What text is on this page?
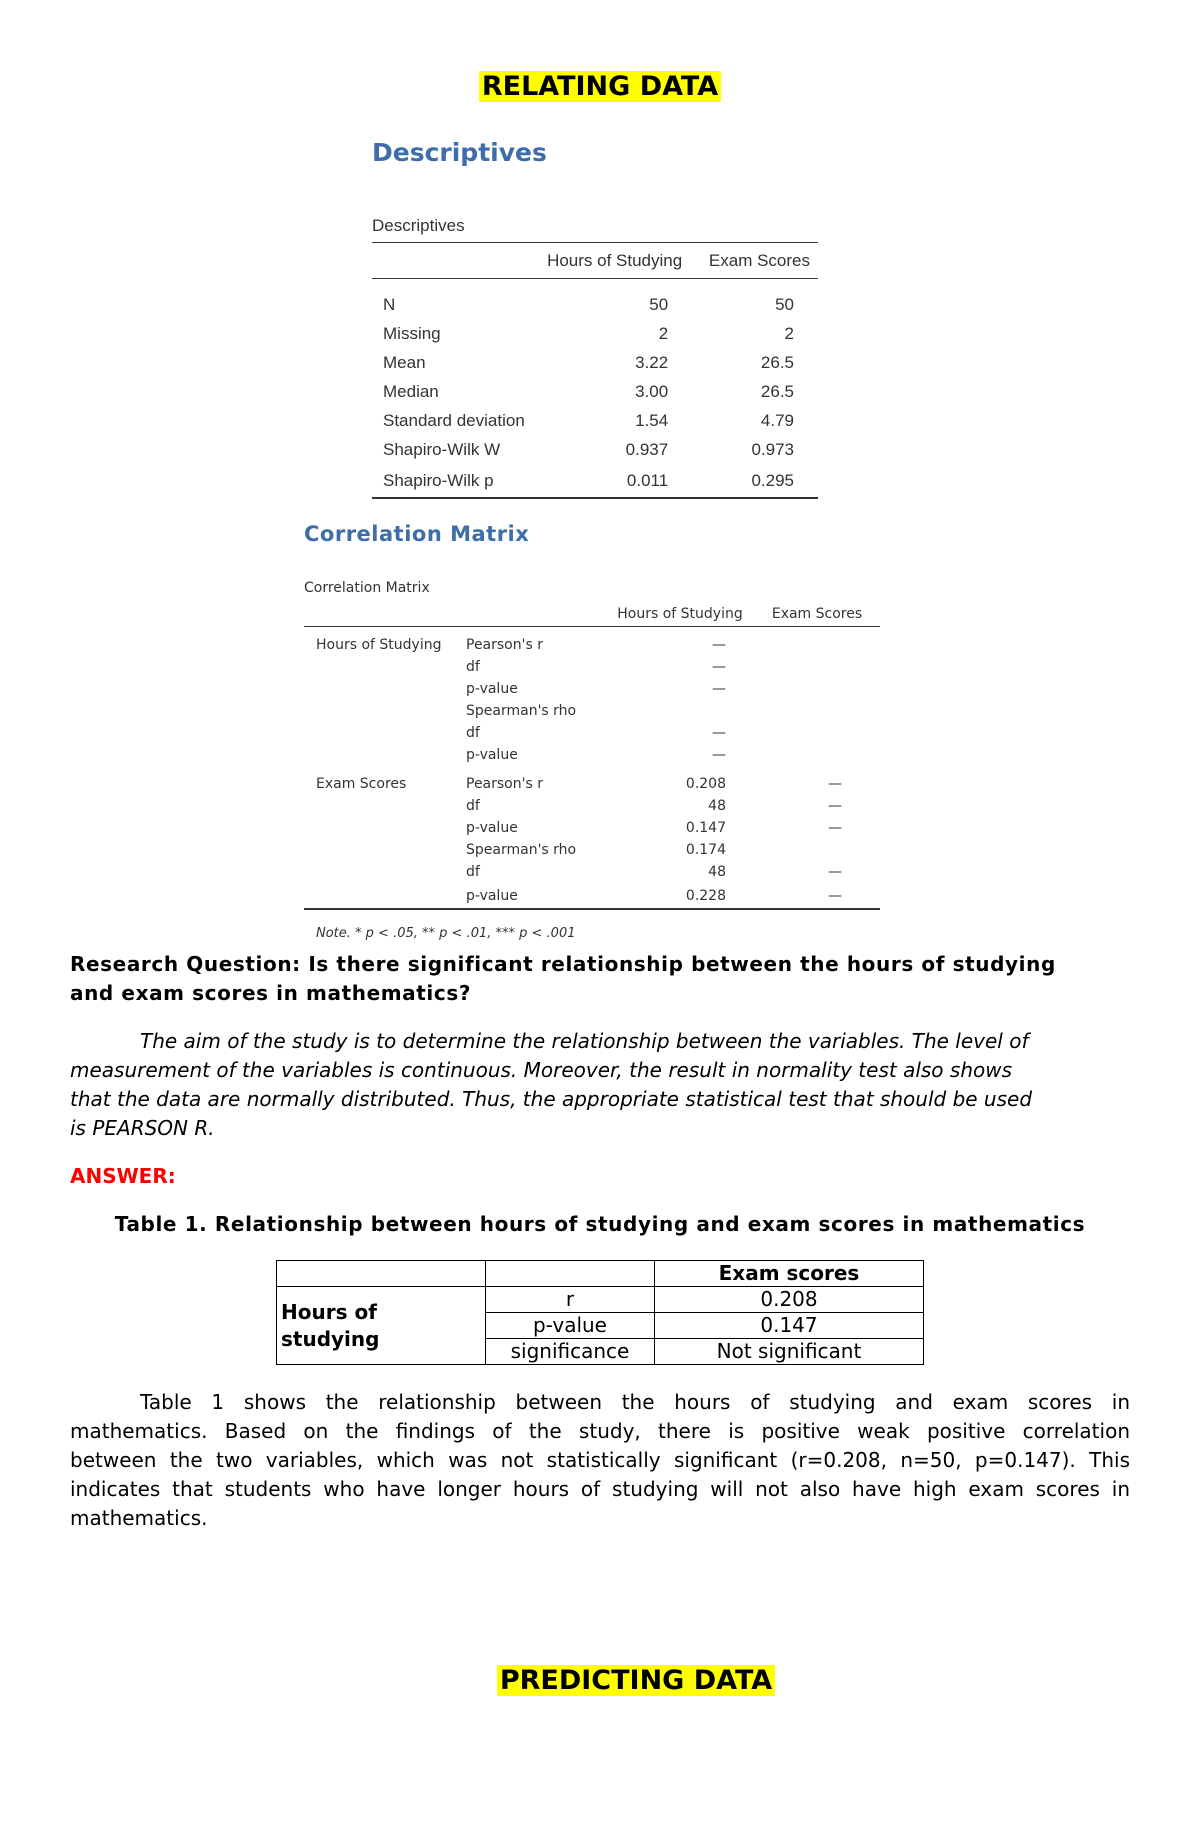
RELATING DATA
Descriptives
Descriptives
	Hours of Studying	Exam Scores

N	50	50
Missing	2	2
Mean	3.22	26.5
Median	3.00	26.5
Standard deviation	1.54	4.79
Shapiro-Wilk W	0.937	0.973
Shapiro-Wilk p	0.011	0.295
Correlation Matrix
Correlation Matrix
		Hours of Studying	Exam Scores

Hours of Studying	Pearson's r	—	
	df	—	
	p-value	—	
	Spearman's rho		
	df	—	
	p-value	—	

Exam Scores	Pearson's r	0.208	—
	df	48	—
	p-value	0.147	—
	Spearman's rho	0.174	
	df	48	—
	p-value	0.228	—
Note. * p < .05, ** p < .01, *** p < .001
Research Question: Is there significant relationship between the hours of studying
and exam scores in mathematics?
The aim of the study is to determine the relationship between the variables. The level of
measurement of the variables is continuous. Moreover, the result in normality test also shows
that the data are normally distributed. Thus, the appropriate statistical test that should be used
is PEARSON R.
ANSWER:
Table 1. Relationship between hours of studying and exam scores in mathematics
		Exam scores

Hours of
studying	r	0.208
	p-value	0.147
	significance	Not significant
Table 1 shows the relationship between the hours of studying and exam scores in
mathematics. Based on the findings of the study, there is positive weak positive correlation
between the two variables, which was not statistically significant (r=0.208, n=50, p=0.147). This
indicates that students who have longer hours of studying will not also have high exam scores in
mathematics.
PREDICTING DATA
